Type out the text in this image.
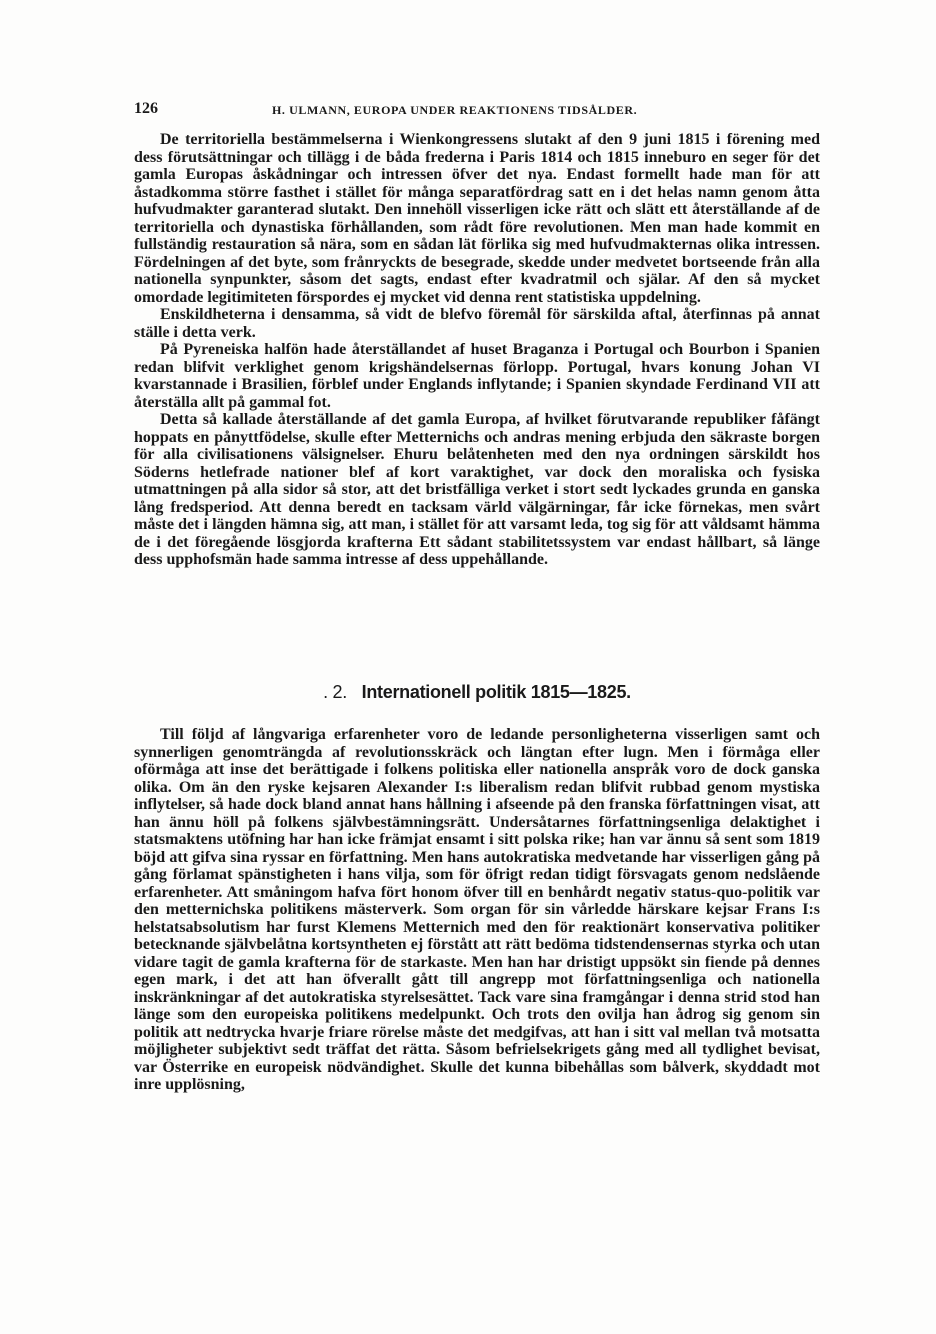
126	H. ULMANN, EUROPA UNDER REAKTIONENS TIDSÅLDER.

De territoriella bestämmelserna i Wienkongressens slutakt af den 9 juni 1815 i förening med dess förutsättningar och tillägg i de båda frederna i Paris 1814 och 1815 inneburo en seger för det gamla Europas åskådningar och intressen öfver det nya. Endast formellt hade man för att åstadkomma större fasthet i stället för många separatfördrag satt en i det helas namn genom åtta hufvudmakter garanterad slutakt. Den innehöll visserligen icke rätt och slätt ett återställande af de territoriella och dynastiska förhållanden, som rådt före revolutionen. Men man hade kommit en fullständig restauration så nära, som en sådan lät förlika sig med hufvudmakternas olika intressen. Fördelningen af det byte, som frånryckts de besegrade, skedde under medvetet bortseende från alla nationella synpunkter, såsom det sagts, endast efter kvadratmil och själar. Af den så mycket omordade legitimiteten förspordes ej mycket vid denna rent statistiska uppdelning.

Enskildheterna i densamma, så vidt de blefvo föremål för särskilda aftal, återfinnas på annat ställe i detta verk.

På Pyreneiska halfön hade återställandet af huset Braganza i Portugal och Bourbon i Spanien redan blifvit verklighet genom krigshändelsernas förlopp. Portugal, hvars konung Johan VI kvarstannade i Brasilien, förblef under Englands inflytande; i Spanien skyndade Ferdinand VII att återställa allt på gammal fot.

Detta så kallade återställande af det gamla Europa, af hvilket förutvarande republiker fåfängt hoppats en pånyttfödelse, skulle efter Metternichs och andras mening erbjuda den säkraste borgen för alla civilisationens välsignelser. Ehuru belåtenheten med den nya ordningen särskildt hos Söderns hetlefrade nationer blef af kort varaktighet, var dock den moraliska och fysiska utmattningen på alla sidor så stor, att det bristfälliga verket i stort sedt lyckades grunda en ganska lång fredsperiod. Att denna beredt en tacksam värld välgärningar, får icke förnekas, men svårt måste det i längden hämna sig, att man, i stället för att varsamt leda, tog sig för att våldsamt hämma de i det föregående lösgjorda krafterna Ett sådant stabilitetssystem var endast hållbart, så länge dess upphofsmän hade samma intresse af dess uppehållande.

. 2. Internationell politik 1815—1825.

Till följd af långvariga erfarenheter voro de ledande personligheterna visserligen samt och synnerligen genomträngda af revolutionsskräck och längtan efter lugn. Men i förmåga eller oförmåga att inse det berättigade i folkens politiska eller nationella anspråk voro de dock ganska olika. Om än den ryske kejsaren Alexander I:s liberalism redan blifvit rubbad genom mystiska inflytelser, så hade dock bland annat hans hållning i afseende på den franska författningen visat, att han ännu höll på folkens självbestämningsrätt. Undersåtarnes författningsenliga delaktighet i statsmaktens utöfning har han icke främjat ensamt i sitt polska rike; han var ännu så sent som 1819 böjd att gifva sina ryssar en författning. Men hans autokratiska medvetande har visserligen gång på gång förlamat spänstigheten i hans vilja, som för öfrigt redan tidigt försvagats genom nedslående erfarenheter. Att småningom hafva fört honom öfver till en benhårdt negativ status-quo-politik var den metternichska politikens mästerverk. Som organ för sin vårledde härskare kejsar Frans I:s helstatsabsolutism har furst Klemens Metternich med den för reaktionärt konservativa politiker betecknande självbelåtna kortsyntheten ej förstått att rätt bedöma tidstendensernas styrka och utan vidare tagit de gamla krafterna för de starkaste. Men han har dristigt uppsökt sin fiende på dennes egen mark, i det att han öfverallt gått till angrepp mot författningsenliga och nationella inskränkningar af det autokratiska styrelsesättet. Tack vare sina framgångar i denna strid stod han länge som den europeiska politikens medelpunkt. Och trots den ovilja han ådrog sig genom sin politik att nedtrycka hvarje friare rörelse måste det medgifvas, att han i sitt val mellan två motsatta möjligheter subjektivt sedt träffat det rätta. Såsom befrielsekrigets gång med all tydlighet bevisat, var Österrike en europeisk nödvändighet. Skulle det kunna bibehållas som bålverk, skyddadt mot inre upplösning,
